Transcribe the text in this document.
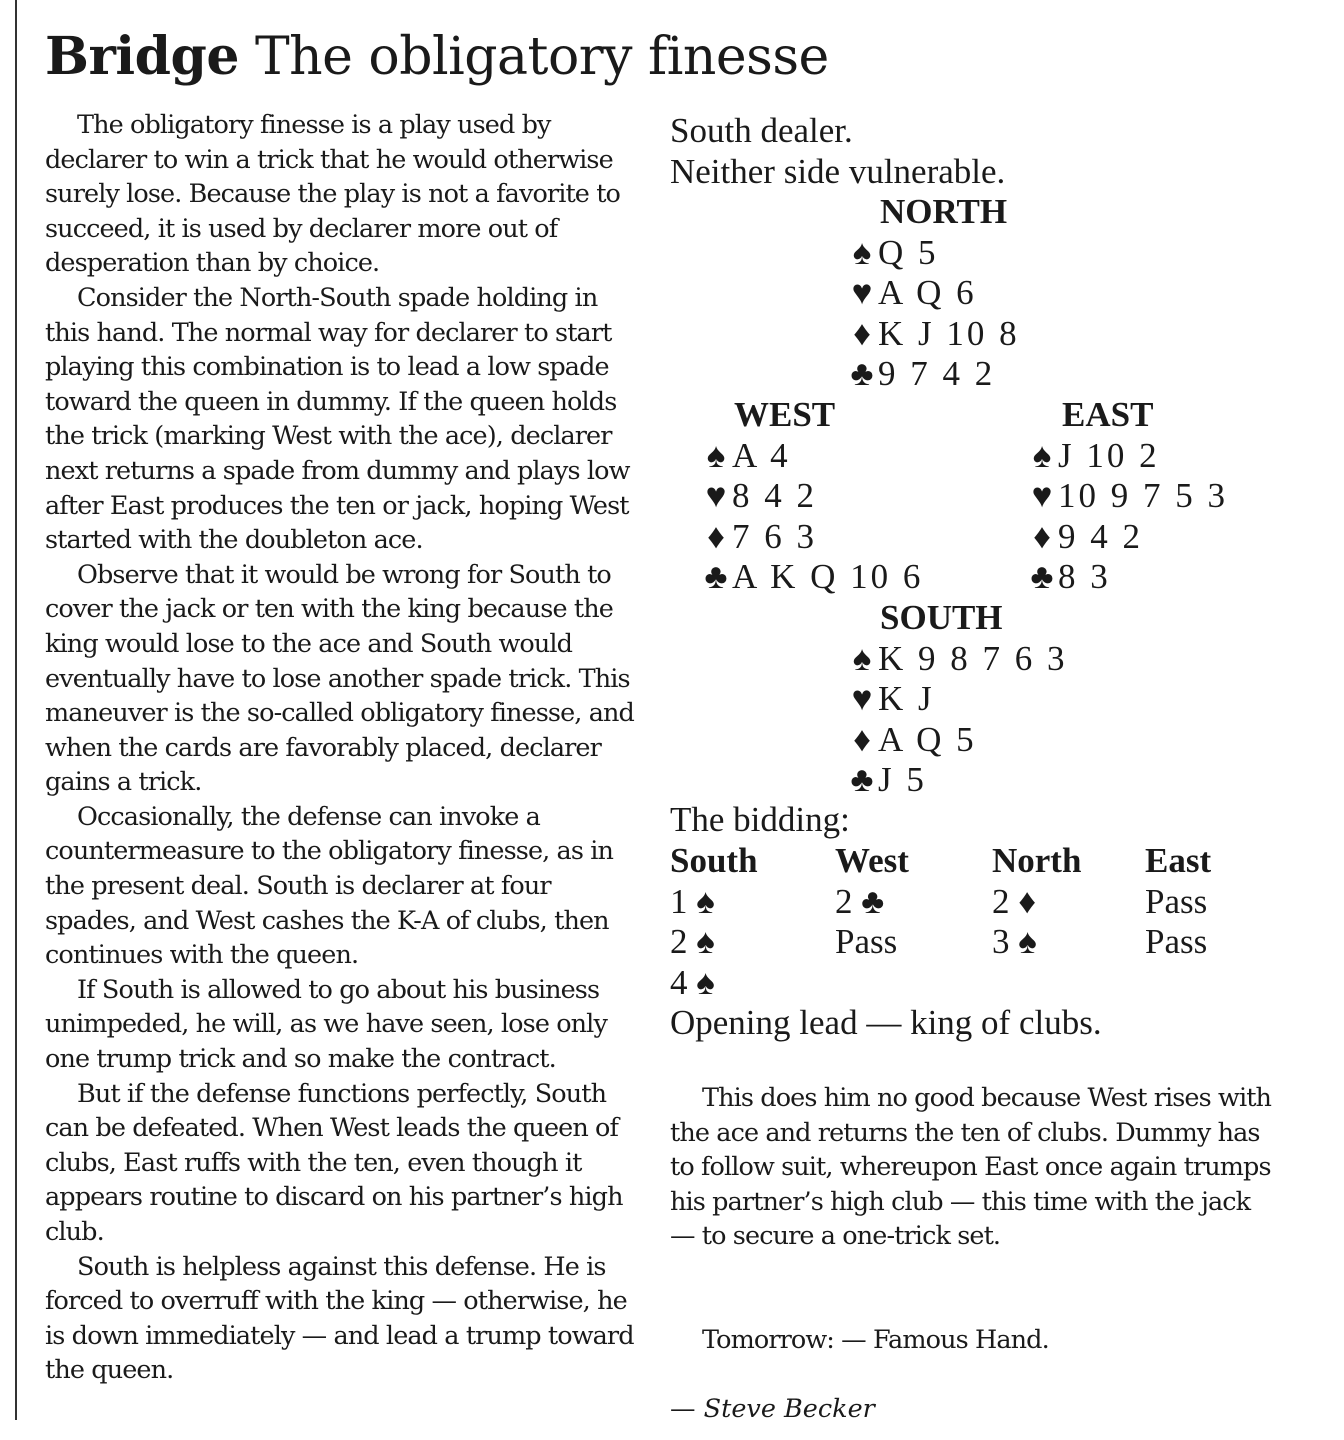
Bridge The obligatory finesse

The obligatory finesse is a play used by declarer to win a trick that he would otherwise surely lose. Because the play is not a favorite to succeed, it is used by declarer more out of desperation than by choice.

Consider the North-South spade holding in this hand. The normal way for declarer to start playing this combination is to lead a low spade toward the queen in dummy. If the queen holds the trick (marking West with the ace), declarer next returns a spade from dummy and plays low after East produces the ten or jack, hoping West started with the doubleton ace.

Observe that it would be wrong for South to cover the jack or ten with the king because the king would lose to the ace and South would eventually have to lose another spade trick. This maneuver is the so-called obligatory finesse, and when the cards are favorably placed, declarer gains a trick.

Occasionally, the defense can invoke a countermeasure to the obligatory finesse, as in the present deal. South is declarer at four spades, and West cashes the K-A of clubs, then continues with the queen.

If South is allowed to go about his business unimpeded, he will, as we have seen, lose only one trump trick and so make the contract.

But if the defense functions perfectly, South can be defeated. When West leads the queen of clubs, East ruffs with the ten, even though it appears routine to discard on his partner’s high club.

South is helpless against this defense. He is forced to overruff with the king — otherwise, he is down immediately — and lead a trump toward the queen.

South dealer.
Neither side vulnerable.
NORTH
♠ Q 5
♥ A Q 6
♦ K J 10 8
♣ 9 7 4 2
WEST
♠ A 4
♥ 8 4 2
♦ 7 6 3
♣ A K Q 10 6
EAST
♠ J 10 2
♥ 10 9 7 5 3
♦ 9 4 2
♣ 8 3
SOUTH
♠ K 9 8 7 6 3
♥ K J
♦ A Q 5
♣ J 5
The bidding:
South	West	North	East
1 ♠	2 ♣	2 ♦	Pass
2 ♠	Pass	3 ♠	Pass
4 ♠
Opening lead — king of clubs.

This does him no good because West rises with the ace and returns the ten of clubs. Dummy has to follow suit, whereupon East once again trumps his partner’s high club — this time with the jack — to secure a one-trick set.

Tomorrow: — Famous Hand.
— Steve Becker
